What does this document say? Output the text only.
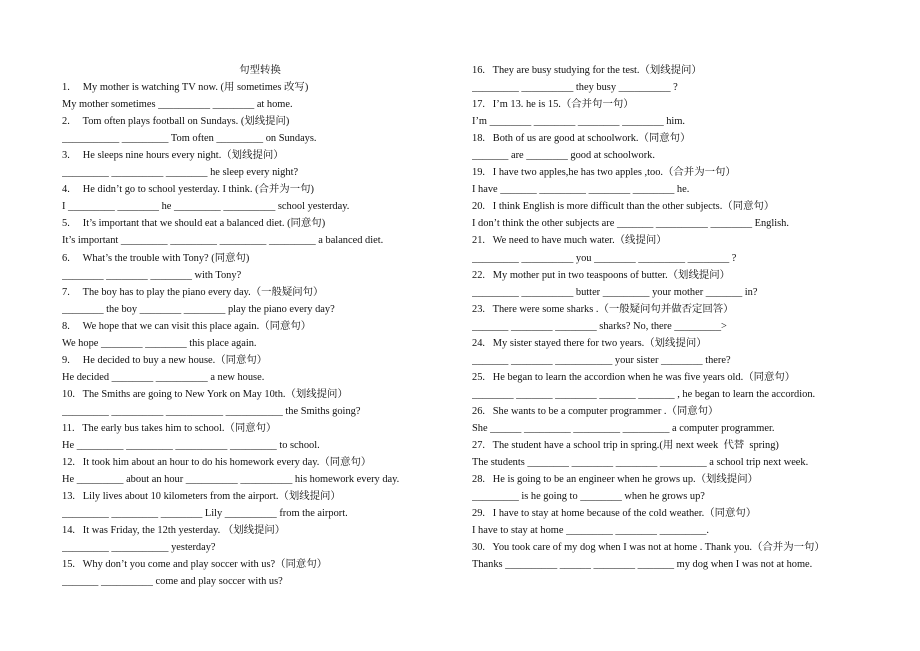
句型转换
1.     My mother is watching TV now. (用 sometimes 改写)
My mother sometimes __________ ________ at home.
2.     Tom often plays football on Sundays. (划线提问)
___________ _________ Tom often _________ on Sundays.
3.     He sleeps nine hours every night.（划线提问）
_________ __________ ________ he sleep every night?
4.     He didn’t go to school yesterday. I think. (合并为一句)
I _________ ________ he _________ __________ school yesterday.
5.     It’s important that we should eat a balanced diet. (同意句)
It’s important _________ _________ _________ _________ a balanced diet.
6.     What’s the trouble with Tony? (同意句)
________ ________ ________ with Tony?
7.     The boy has to play the piano every day.（一般疑问句）
________ the boy ________ ________ play the piano every day?
8.     We hope that we can visit this place again.（同意句）
We hope ________ ________ this place again.
9.     He decided to buy a new house.（同意句）
He decided ________ __________ a new house.
10.   The Smiths are going to New York on May 10th.（划线提问）
_________ __________ ___________ ___________ the Smiths going?
11.   The early bus takes him to school.（同意句）
He _________ _________ __________ _________ to school.
12.   It took him about an hour to do his homework every day.（同意句）
He _________ about an hour __________ __________ his homework every day.
13.   Lily lives about 10 kilometers from the airport.（划线提问）
_________ _________ ________ Lily __________ from the airport.
14.   It was Friday, the 12th yesterday. （划线提问）
_________ ___________ yesterday?
15.   Why don’t you come and play soccer with us?（同意句）
_______ __________ come and play soccer with us?
16.   They are busy studying for the test.（划线提问）
_________ __________ they busy __________ ?
17.   I’m 13. he is 15.（合并句一句）
I’m ________ ________ ________ ________ him.
18.   Both of us are good at schoolwork.（同意句）
_______ are ________ good at schoolwork.
19.   I have two apples,he has two apples ,too.（合并为一句）
I have _______ _________ ________ ________ he.
20.   I think English is more difficult than the other subjects.（同意句）
I don’t think the other subjects are _______ __________ ________ English.
21.   We need to have much water.（线提问）
_________ __________ you ________ _________ ________ ?
22.   My mother put in two teaspoons of butter.（划线提问）
_________ __________ butter _________ your mother _______ in?
23.   There were some sharks .（一般疑问句并做否定回答）
_______ ________ ________ sharks? No, there _________>
24.   My sister stayed there for two years.（划线提问）
_______ ________ ___________ your sister ________ there?
25.   He began to learn the accordion when he was five years old.（同意句）
________ _______ ________ _______ _______ , he began to learn the accordion.
26.   She wants to be a computer programmer .（同意句）
She ______ _________ _________ _________ a computer programmer.
27.   The student have a school trip in spring.(用 next week  代替  spring)
The students ________ ________ ________ _________ a school trip next week.
28.   He is going to be an engineer when he grows up.（划线提问）
_________ is he going to ________ when he grows up?
29.   I have to stay at home because of the cold weather.（同意句）
I have to stay at home _________ ________ _________.
30.   You took care of my dog when I was not at home . Thank you.（合并为一句）
Thanks __________ ______ ________ _______ my dog when I was not at home.
